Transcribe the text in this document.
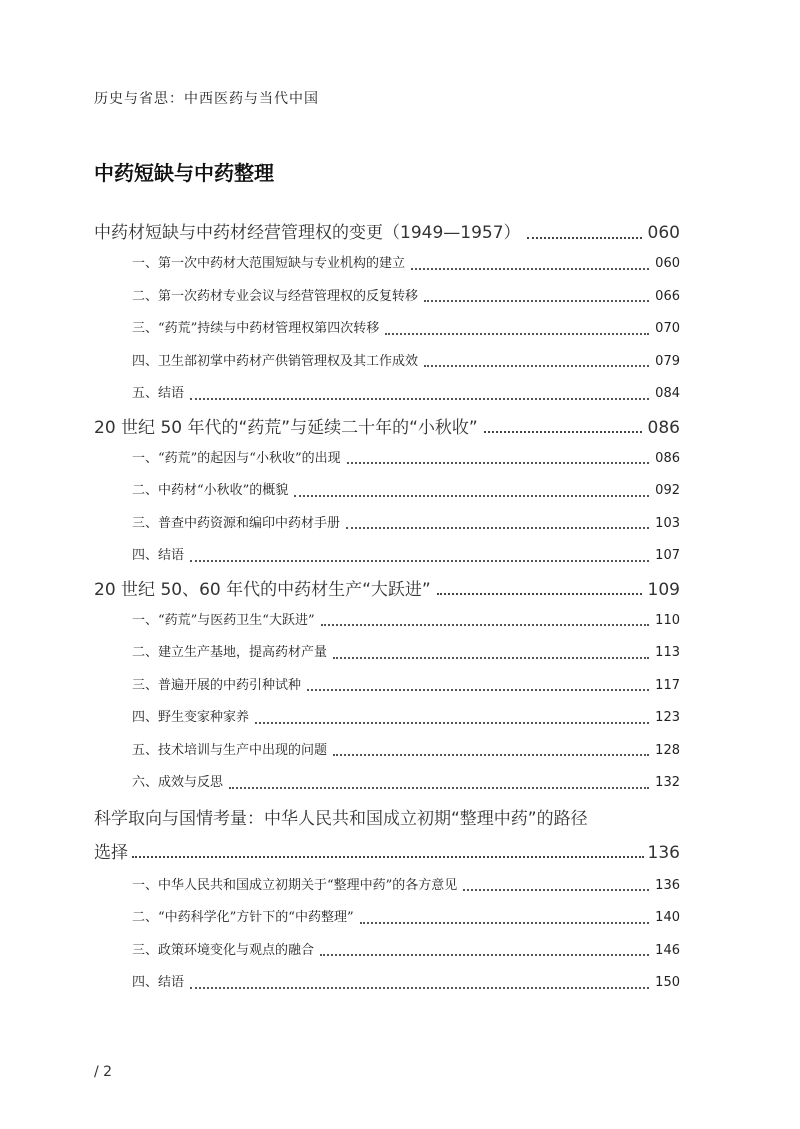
历史与省思：中西医药与当代中国
中药短缺与中药整理
中药材短缺与中药材经营管理权的变更（1949—1957）	060
一、第一次中药材大范围短缺与专业机构的建立	060
二、第一次药材专业会议与经营管理权的反复转移	066
三、“药荒”持续与中药材管理权第四次转移	070
四、卫生部初掌中药材产供销管理权及其工作成效	079
五、结语	084
20 世纪 50 年代的“药荒”与延续二十年的“小秋收”	086
一、“药荒”的起因与“小秋收”的出现	086
二、中药材“小秋收”的概貌	092
三、普查中药资源和编印中药材手册	103
四、结语	107
20 世纪 50、60 年代的中药材生产“大跃进”	109
一、“药荒”与医药卫生“大跃进”	110
二、建立生产基地，提高药材产量	113
三、普遍开展的中药引种试种	117
四、野生变家种家养	123
五、技术培训与生产中出现的问题	128
六、成效与反思	132
科学取向与国情考量：中华人民共和国成立初期“整理中药”的路径
选择	136
一、中华人民共和国成立初期关于“整理中药”的各方意见	136
二、“中药科学化”方针下的“中药整理”	140
三、政策环境变化与观点的融合	146
四、结语	150
/ 2
